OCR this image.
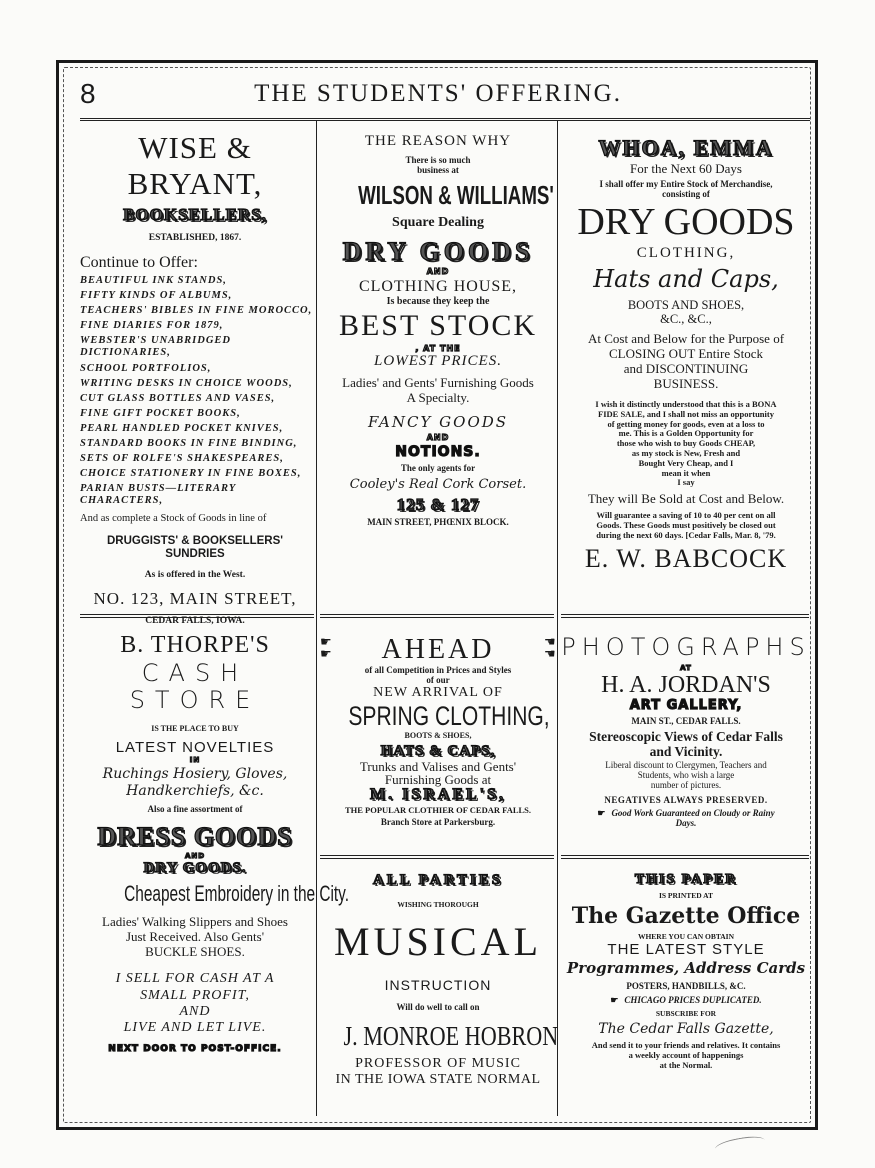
8	THE STUDENTS' OFFERING.
WISE & BRYANT,
BOOKSELLERS,
ESTABLISHED, 1867.
Continue to Offer:
BEAUTIFUL INK STANDS,
FIFTY KINDS OF ALBUMS,
TEACHERS' BIBLES IN FINE MOROCCO,
FINE DIARIES FOR 1879,
WEBSTER'S UNABRIDGED DICTIONARIES,
SCHOOL PORTFOLIOS,
WRITING DESKS IN CHOICE WOODS,
CUT GLASS BOTTLES AND VASES,
FINE GIFT POCKET BOOKS,
PEARL HANDLED POCKET KNIVES,
STANDARD BOOKS IN FINE BINDING,
SETS OF ROLFE'S SHAKESPEARES,
CHOICE STATIONERY IN FINE BOXES,
PARIAN BUSTS—LITERARY CHARACTERS,
And as complete a Stock of Goods in line of
DRUGGISTS' & BOOKSELLERS' SUNDRIES
As is offered in the West.
NO. 123, MAIN STREET,
CEDAR FALLS, IOWA.
THE REASON WHY
There is so much
business at
WILSON & WILLIAMS'
Square Dealing
DRY GOODS
AND
CLOTHING HOUSE,
Is because they keep the
BEST STOCK
, AT THE
LOWEST PRICES.
Ladies' and Gents' Furnishing Goods
A Specialty.
FANCY GOODS
AND
NOTIONS.
The only agents for
Cooley's Real Cork Corset.
125 & 127
MAIN STREET, PHŒNIX BLOCK.
WHOA, EMMA
For the Next 60 Days
I shall offer my Entire Stock of Merchandise,
consisting of
DRY GOODS
CLOTHING,
Hats and Caps,
BOOTS AND SHOES,
&C., &C.,
At Cost and Below for the Purpose of
CLOSING OUT Entire Stock
and DISCONTINUING
BUSINESS.
I wish it distinctly understood that this is a BONA
FIDE SALE, and I shall not miss an opportunity
of getting money for goods, even at a loss to
me. This is a Golden Opportunity for
those who wish to buy Goods CHEAP,
as my stock is New, Fresh and
Bought Very Cheap, and I
mean it when
I say
They will Be Sold at Cost and Below.
Will guarantee a saving of 10 to 40 per cent on all
Goods. These Goods must positively be closed out
during the next 60 days. [Cedar Falls, Mar. 8, '79.
E. W. BABCOCK
B. THORPE'S
CASH STORE
IS THE PLACE TO BUY
LATEST NOVELTIES
IN
Ruchings Hosiery, Gloves,
Handkerchiefs, &c.
Also a fine assortment of
DRESS GOODS
AND
DRY GOODS.
Cheapest Embroidery in the City.
Ladies' Walking Slippers and Shoes
Just Received. Also Gents'
BUCKLE SHOES.
I SELL FOR CASH AT A
SMALL PROFIT,
AND
LIVE AND LET LIVE.
NEXT DOOR TO POST-OFFICE.
☛
☛ AHEAD	☛
☛
of all Competition in Prices and Styles
of our
NEW ARRIVAL OF
SPRING CLOTHING,
BOOTS & SHOES,
HATS & CAPS,
Trunks and Valises and Gents'
Furnishing Goods at
M. ISRAEL'S,
THE POPULAR CLOTHIER OF CEDAR FALLS.
Branch Store at Parkersburg.
ALL PARTIES
WISHING THOROUGH
MUSICAL
INSTRUCTION
Will do well to call on
J. MONROE HOBRON
PROFESSOR OF MUSIC
IN THE IOWA STATE NORMAL
PHOTOGRAPHS
AT
H. A. JORDAN'S
ART GALLERY,
MAIN ST., CEDAR FALLS.
Stereoscopic Views of Cedar Falls
and Vicinity.
Liberal discount to Clergymen, Teachers and
Students, who wish a large
number of pictures.
NEGATIVES ALWAYS PRESERVED.
☛ Good Work Guaranteed on Cloudy or Rainy
Days.
THIS PAPER
IS PRINTED AT
The Gazette Office
WHERE YOU CAN OBTAIN
THE LATEST STYLE
Programmes, Address Cards
POSTERS, HANDBILLS, &C.
☛ CHICAGO PRICES DUPLICATED.
SUBSCRIBE FOR
The Cedar Falls Gazette,
And send it to your friends and relatives. It contains
a weekly account of happenings
at the Normal.
